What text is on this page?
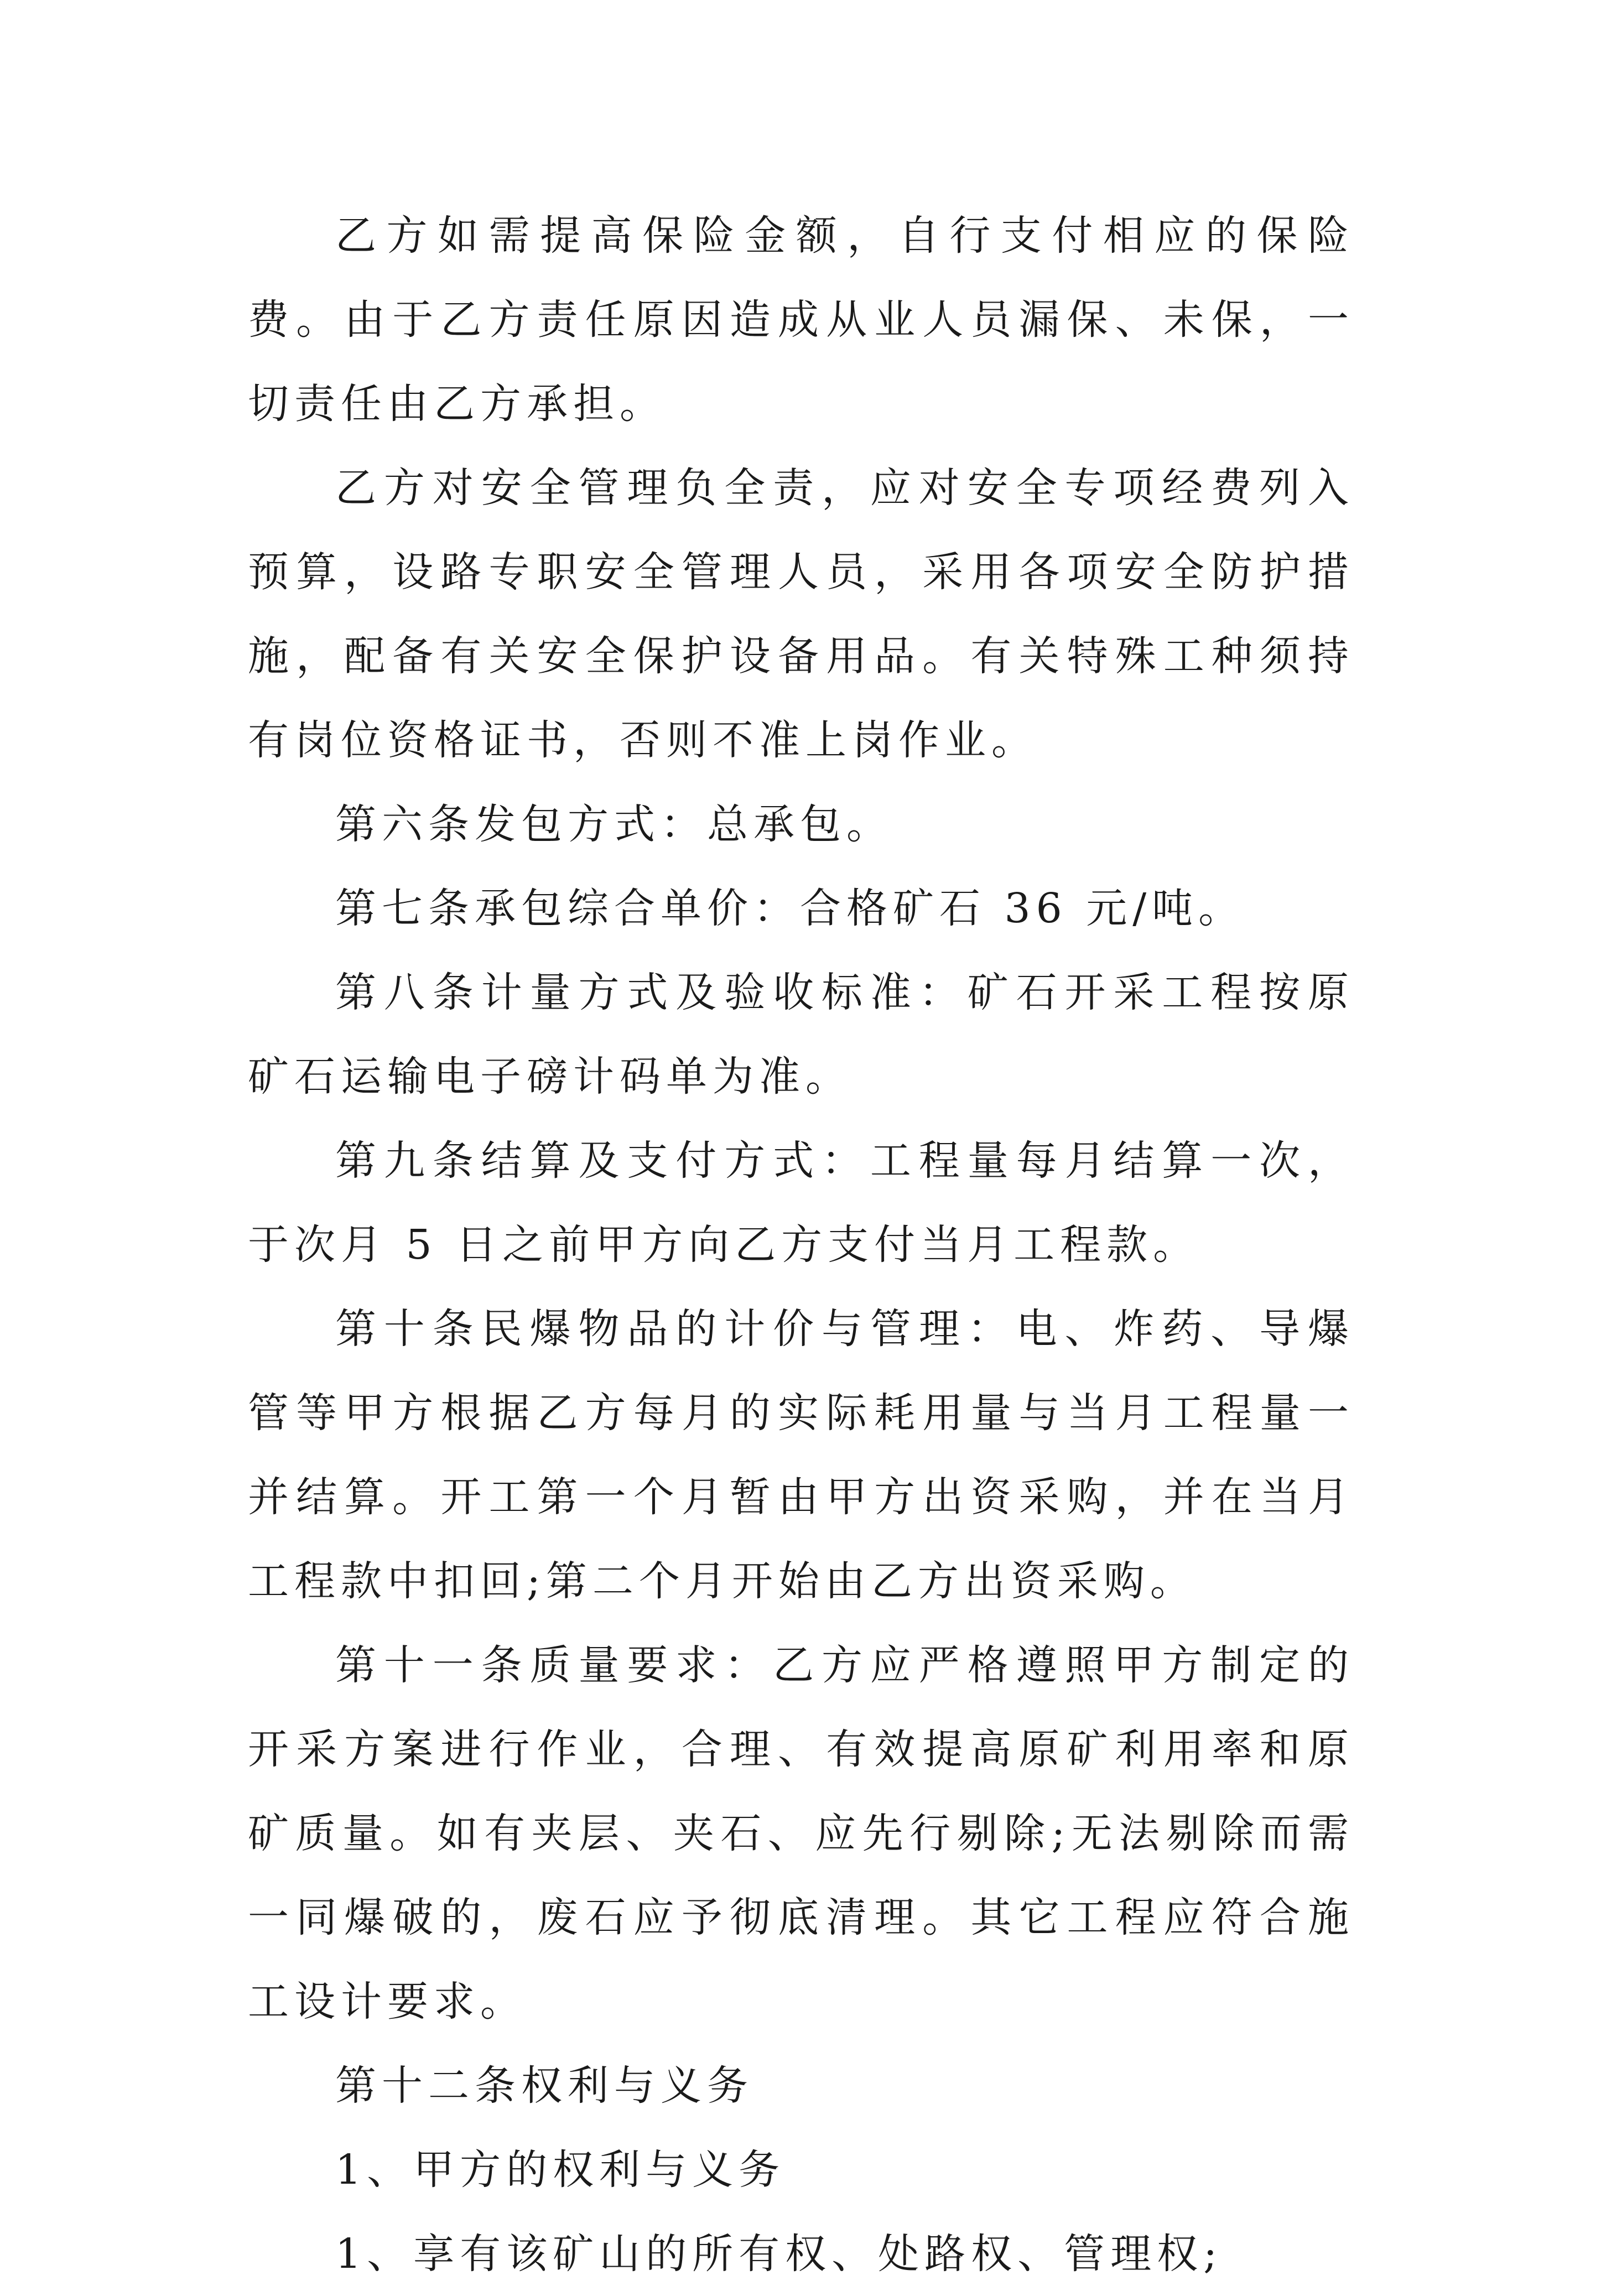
乙方如需提高保险金额，自行支付相应的保险费。由于乙方责任原因造成从业人员漏保、未保，一切责任由乙方承担。

乙方对安全管理负全责，应对安全专项经费列入预算，设路专职安全管理人员，采用各项安全防护措施，配备有关安全保护设备用品。有关特殊工种须持有岗位资格证书，否则不准上岗作业。

第六条发包方式：总承包。

第七条承包综合单价：合格矿石 36 元/吨。

第八条计量方式及验收标准：矿石开采工程按原矿石运输电子磅计码单为准。

第九条结算及支付方式：工程量每月结算一次，于次月 5 日之前甲方向乙方支付当月工程款。

第十条民爆物品的计价与管理：电、炸药、导爆管等甲方根据乙方每月的实际耗用量与当月工程量一并结算。开工第一个月暂由甲方出资采购，并在当月工程款中扣回;第二个月开始由乙方出资采购。

第十一条质量要求：乙方应严格遵照甲方制定的开采方案进行作业，合理、有效提高原矿利用率和原矿质量。如有夹层、夹石、应先行剔除;无法剔除而需一同爆破的，废石应予彻底清理。其它工程应符合施工设计要求。

第十二条权利与义务

1、甲方的权利与义务

1、享有该矿山的所有权、处路权、管理权;
